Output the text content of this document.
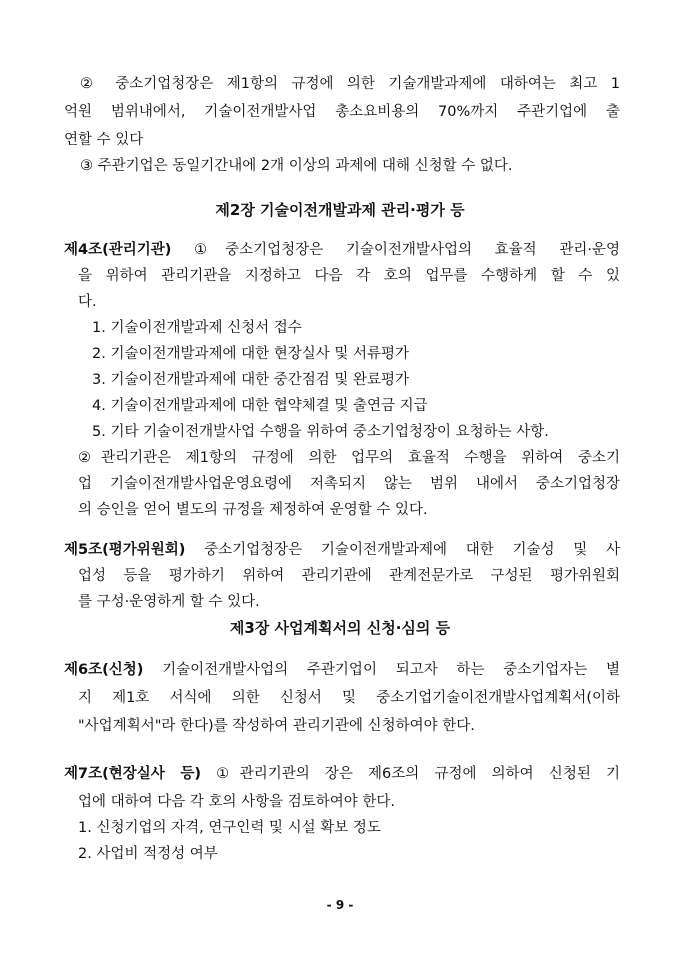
② 중소기업청장은 제1항의 규정에 의한 기술개발과제에 대하여는 최고 1
억원 범위내에서, 기술이전개발사업 총소요비용의 70%까지 주관기업에 출
연할 수 있다
③ 주관기업은 동일기간내에 2개 이상의 과제에 대해 신청할 수 없다.
제2장 기술이전개발과제 관리·평가 등
제4조(관리기관) ①중소기업청장은 기술이전개발사업의 효율적 관리·운영
을 위하여 관리기관을 지정하고 다음 각 호의 업무를 수행하게 할 수 있
다.
1. 기술이전개발과제 신청서 접수
2. 기술이전개발과제에 대한 현장실사 및 서류평가
3. 기술이전개발과제에 대한 중간점검 및 완료평가
4. 기술이전개발과제에 대한 협약체결 및 출연금 지급
5. 기타 기술이전개발사업 수행을 위하여 중소기업청장이 요청하는 사항.
②관리기관은 제1항의 규정에 의한 업무의 효율적 수행을 위하여 중소기
업 기술이전개발사업운영요령에 저촉되지 않는 범위 내에서 중소기업청장
의 승인을 얻어 별도의 규정을 제정하여 운영할 수 있다.
제5조(평가위원회) 중소기업청장은 기술이전개발과제에 대한 기술성 및 사
업성 등을 평가하기 위하여 관리기관에 관계전문가로 구성된 평가위원회
를 구성·운영하게 할 수 있다.
제3장 사업계획서의 신청·심의 등
제6조(신청) 기술이전개발사업의 주관기업이 되고자 하는 중소기업자는 별
지 제1호 서식에 의한 신청서 및 중소기업기술이전개발사업계획서(이하
"사업계획서"라 한다)를 작성하여 관리기관에 신청하여야 한다.
제7조(현장실사 등) ①관리기관의 장은 제6조의 규정에 의하여 신청된 기
업에 대하여 다음 각 호의 사항을 검토하여야 한다.
1. 신청기업의 자격, 연구인력 및 시설 확보 정도
2. 사업비 적정성 여부
- 9 -
